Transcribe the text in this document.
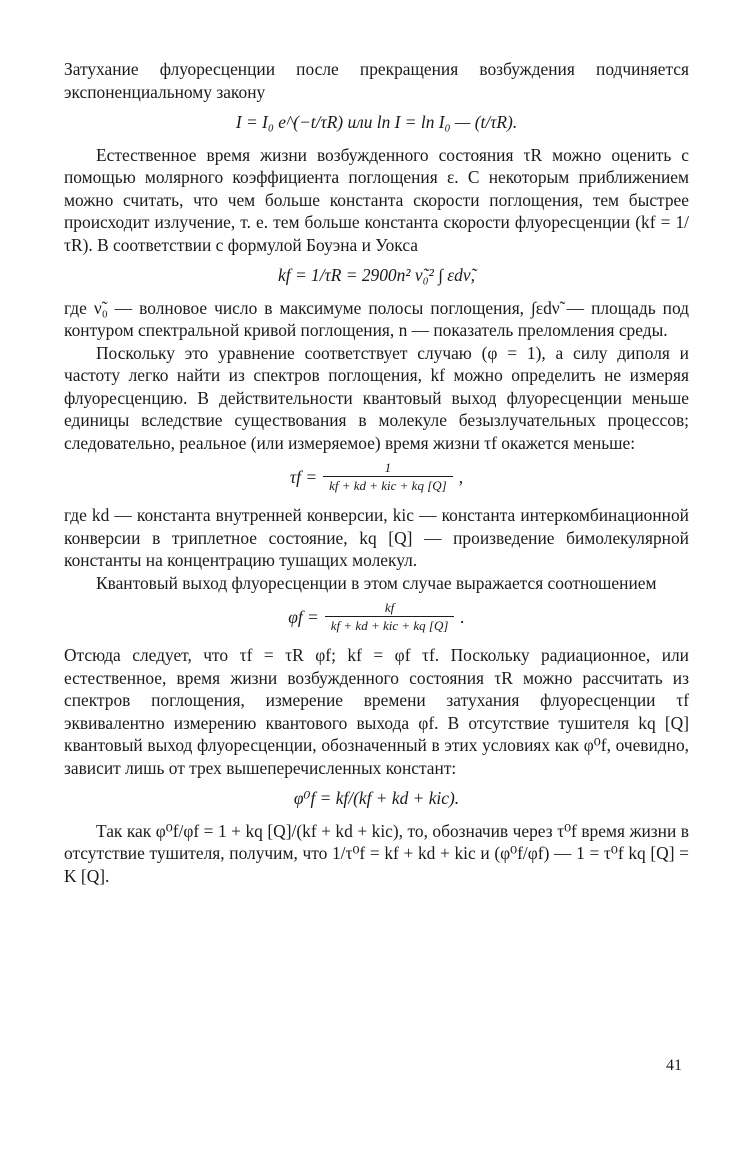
Затухание флуоресценции после прекращения возбуждения подчиняется экспоненциальному закону

I = I₀ e^(−t/τR) или ln I = ln I₀ — (t/τR).

Естественное время жизни возбужденного состояния τR можно оценить с помощью молярного коэффициента поглощения ε. С некоторым приближением можно считать, что чем больше константа скорости поглощения, тем быстрее происходит излучение, т. е. тем больше константа скорости флуоресценции (kf = 1/τR). В соответствии с формулой Боуэна и Уокса

kf = 1/τR = 2900n² ν̃₀² ∫ εdν̃,

где ν̃₀ — волновое число в максимуме полосы поглощения, ∫εdν̃ — площадь под контуром спектральной кривой поглощения, n — показатель преломления среды.

Поскольку это уравнение соответствует случаю (φ = 1), а силу диполя и частоту легко найти из спектров поглощения, kf можно определить не измеряя флуоресценцию. В действительности квантовый выход флуоресценции меньше единицы вследствие существования в молекуле безызлучательных процессов; следовательно, реальное (или измеряемое) время жизни τf окажется меньше:

$\tau f = \frac{1}{\text{kf + kd + kic + kq [Q]}}$ ,

где kd — константа внутренней конверсии, kic — константа интеркомбинационной конверсии в триплетное состояние, kq [Q] — произведение бимолекулярной константы на концентрацию тушащих молекул.

Квантовый выход флуоресценции в этом случае выражается соотношением

$\varphi f = \frac{kf}{\text{kf + kd + kic + kq [Q]}}$ .

Отсюда следует, что τf = τR φf; kf = φf τf. Поскольку радиационное, или естественное, время жизни возбужденного состояния τR можно рассчитать из спектров поглощения, измерение времени затухания флуоресценции τf эквивалентно измерению квантового выхода φf. В отсутствие тушителя kq [Q] квантовый выход флуоресценции, обозначенный в этих условиях как φ⁰f, очевидно, зависит лишь от трех вышеперечисленных констант:

φ⁰f = kf/(kf + kd + kic).

Так как φ⁰f/φf = 1 + kq [Q]/(kf + kd + kic), то, обозначив через τ⁰f время жизни в отсутствие тушителя, получим, что 1/τ⁰f = kf + kd + kic и (φ⁰f/φf) — 1 = τ⁰f kq [Q] = K [Q].

41
